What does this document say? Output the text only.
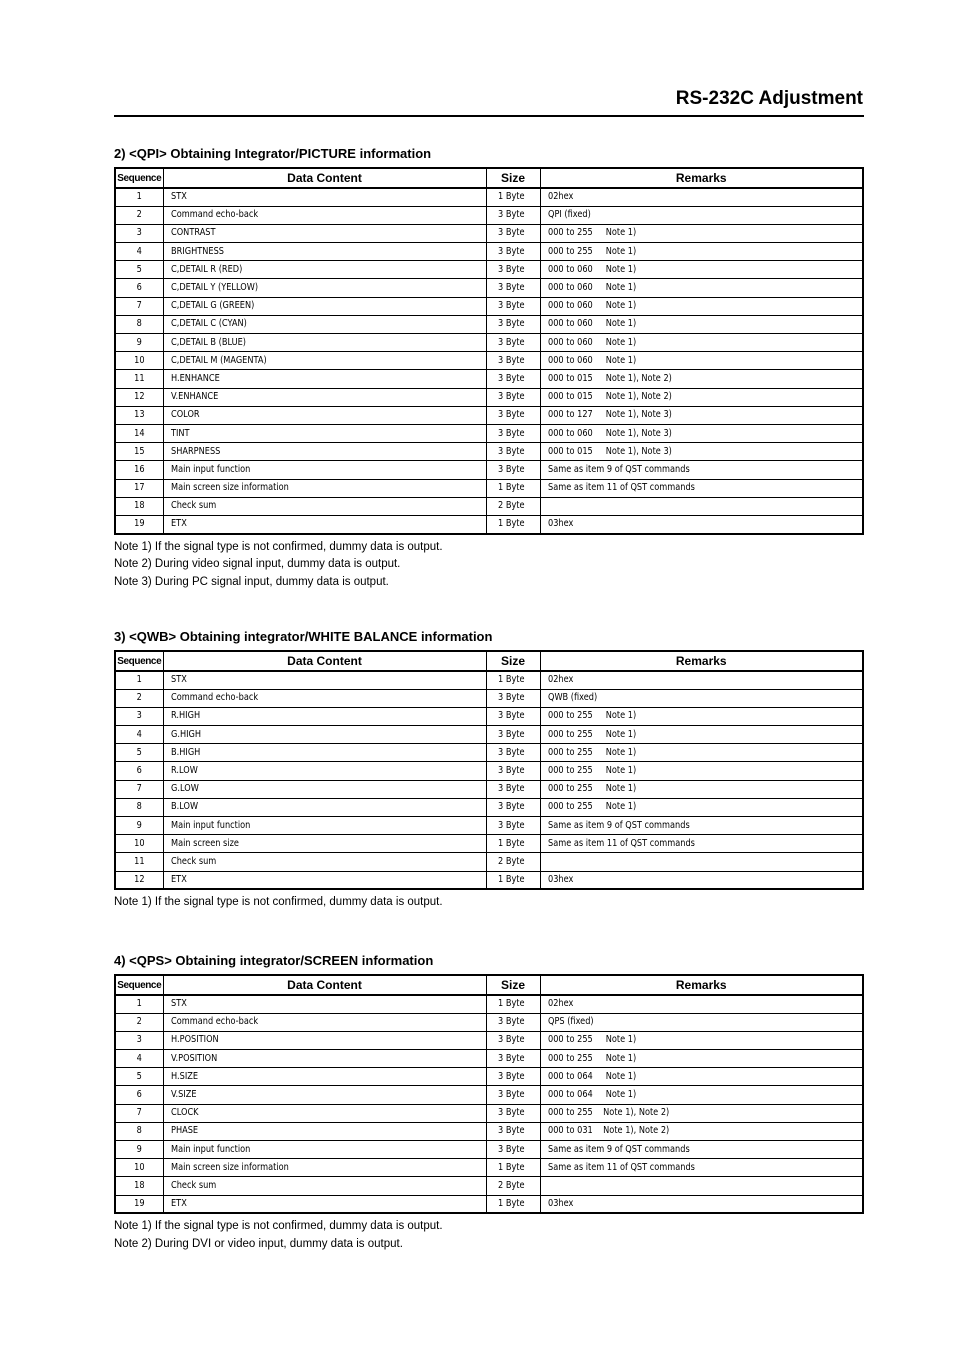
RS-232C Adjustment
2) <QPI> Obtaining Integrator/PICTURE information
Sequence	Data Content	Size	Remarks
1	STX	1 Byte	02hex
2	Command echo-back	3 Byte	QPI (fixed)
3	CONTRAST	3 Byte	000 to 255     Note 1)
4	BRIGHTNESS	3 Byte	000 to 255     Note 1)
5	C,DETAIL R (RED)	3 Byte	000 to 060     Note 1)
6	C,DETAIL Y (YELLOW)	3 Byte	000 to 060     Note 1)
7	C,DETAIL G (GREEN)	3 Byte	000 to 060     Note 1)
8	C,DETAIL C (CYAN)	3 Byte	000 to 060     Note 1)
9	C,DETAIL B (BLUE)	3 Byte	000 to 060     Note 1)
10	C,DETAIL M (MAGENTA)	3 Byte	000 to 060     Note 1)
11	H.ENHANCE	3 Byte	000 to 015     Note 1), Note 2)
12	V.ENHANCE	3 Byte	000 to 015     Note 1), Note 2)
13	COLOR	3 Byte	000 to 127     Note 1), Note 3)
14	TINT	3 Byte	000 to 060     Note 1), Note 3)
15	SHARPNESS	3 Byte	000 to 015     Note 1), Note 3)
16	Main input function	3 Byte	Same as item 9 of QST commands
17	Main screen size information	1 Byte	Same as item 11 of QST commands
18	Check sum	2 Byte	
19	ETX	1 Byte	03hex
Note 1) If the signal type is not confirmed, dummy data is output.
Note 2) During video signal input, dummy data is output.
Note 3) During PC signal input, dummy data is output.
3) <QWB> Obtaining integrator/WHITE BALANCE information
Sequence	Data Content	Size	Remarks
1	STX	1 Byte	02hex
2	Command echo-back	3 Byte	QWB (fixed)
3	R.HIGH	3 Byte	000 to 255     Note 1)
4	G.HIGH	3 Byte	000 to 255     Note 1)
5	B.HIGH	3 Byte	000 to 255     Note 1)
6	R.LOW	3 Byte	000 to 255     Note 1)
7	G.LOW	3 Byte	000 to 255     Note 1)
8	B.LOW	3 Byte	000 to 255     Note 1)
9	Main input function	3 Byte	Same as item 9 of QST commands
10	Main screen size	1 Byte	Same as item 11 of QST commands
11	Check sum	2 Byte	
12	ETX	1 Byte	03hex
Note 1) If the signal type is not confirmed, dummy data is output.
4) <QPS> Obtaining integrator/SCREEN information
Sequence	Data Content	Size	Remarks
1	STX	1 Byte	02hex
2	Command echo-back	3 Byte	QPS (fixed)
3	H.POSITION	3 Byte	000 to 255     Note 1)
4	V.POSITION	3 Byte	000 to 255     Note 1)
5	H.SIZE	3 Byte	000 to 064     Note 1)
6	V.SIZE	3 Byte	000 to 064     Note 1)
7	CLOCK	3 Byte	000 to 255    Note 1), Note 2)
8	PHASE	3 Byte	000 to 031    Note 1), Note 2)
9	Main input function	3 Byte	Same as item 9 of QST commands
10	Main screen size information	1 Byte	Same as item 11 of QST commands
18	Check sum	2 Byte	
19	ETX	1 Byte	03hex
Note 1) If the signal type is not confirmed, dummy data is output.
Note 2) During DVI or video input, dummy data is output.
